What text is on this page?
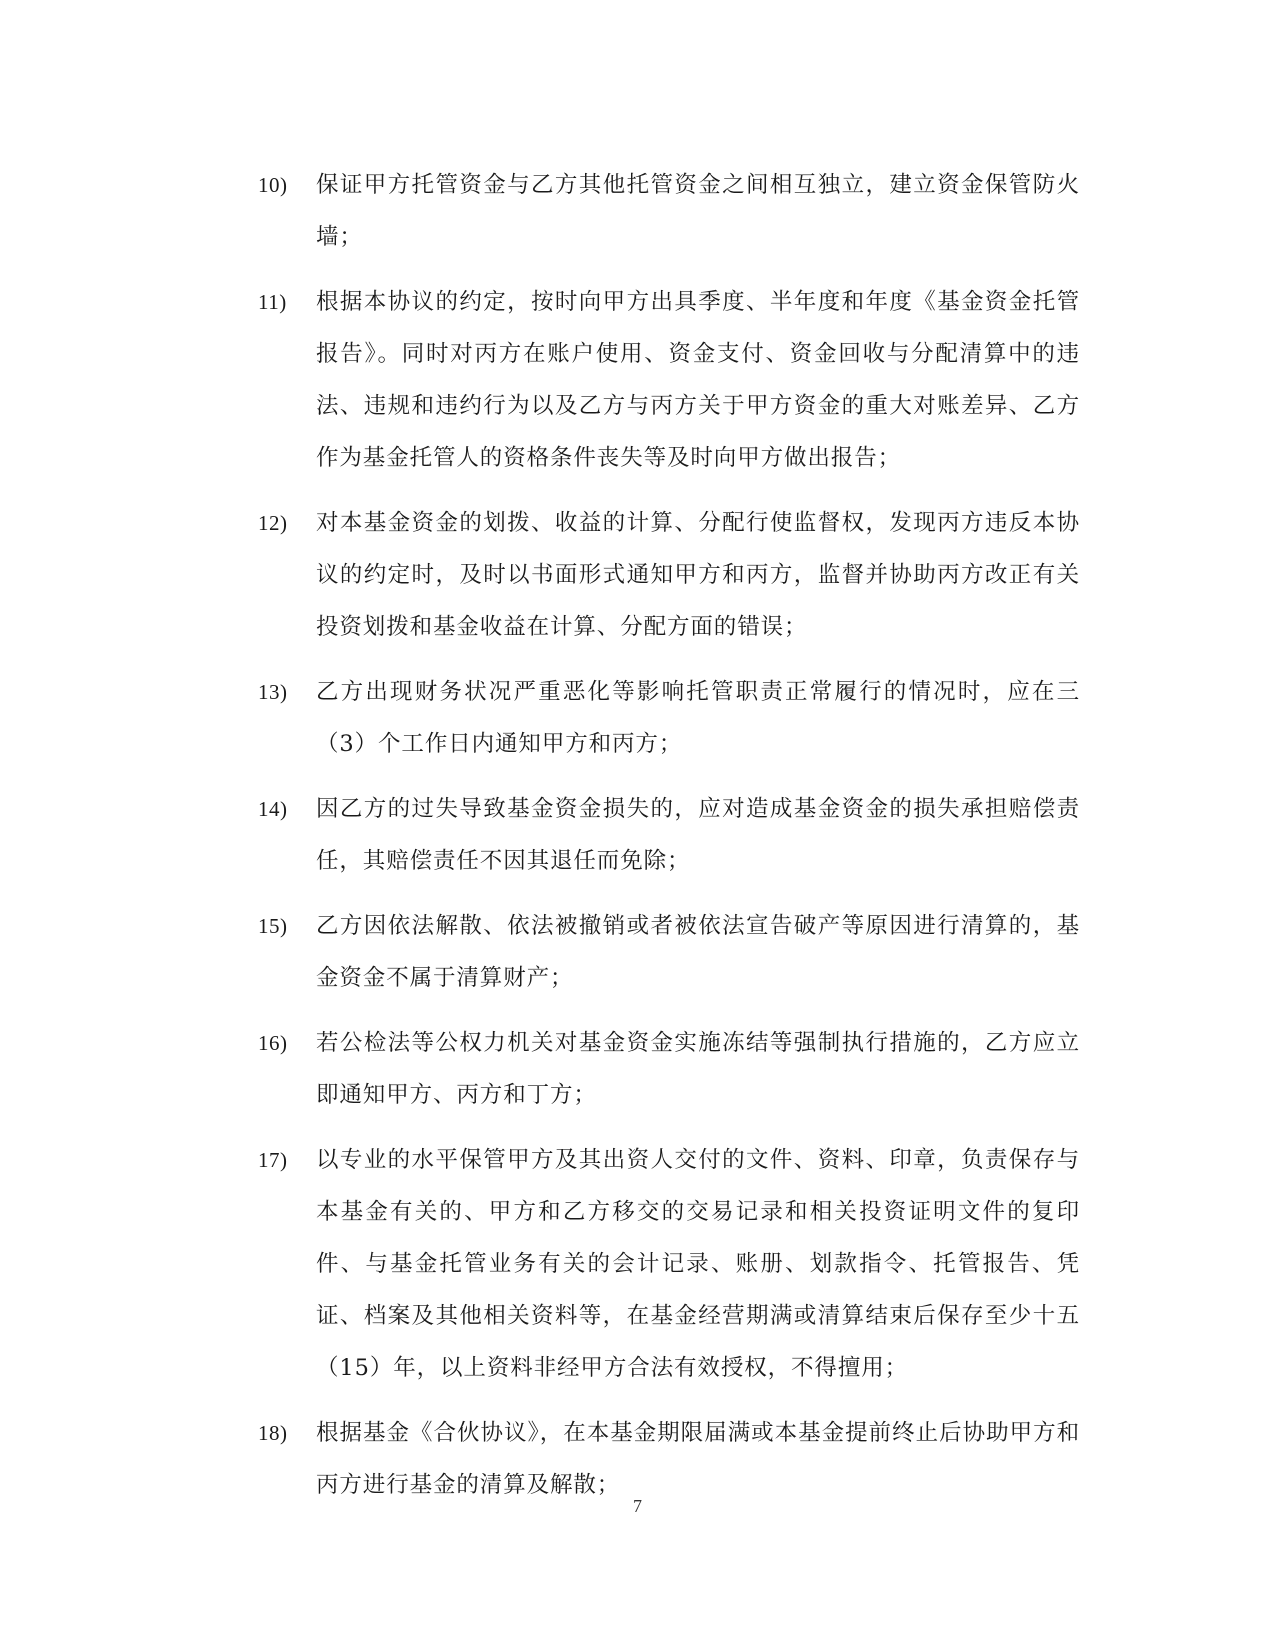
10)	保证甲方托管资金与乙方其他托管资金之间相互独立，建立资金保管防火墙；
11)	根据本协议的约定，按时向甲方出具季度、半年度和年度《基金资金托管报告》。同时对丙方在账户使用、资金支付、资金回收与分配清算中的违法、违规和违约行为以及乙方与丙方关于甲方资金的重大对账差异、乙方作为基金托管人的资格条件丧失等及时向甲方做出报告；
12)	对本基金资金的划拨、收益的计算、分配行使监督权，发现丙方违反本协议的约定时，及时以书面形式通知甲方和丙方，监督并协助丙方改正有关投资划拨和基金收益在计算、分配方面的错误；
13)	乙方出现财务状况严重恶化等影响托管职责正常履行的情况时，应在三（3）个工作日内通知甲方和丙方；
14)	因乙方的过失导致基金资金损失的，应对造成基金资金的损失承担赔偿责任，其赔偿责任不因其退任而免除；
15)	乙方因依法解散、依法被撤销或者被依法宣告破产等原因进行清算的，基金资金不属于清算财产；
16)	若公检法等公权力机关对基金资金实施冻结等强制执行措施的，乙方应立即通知甲方、丙方和丁方；
17)	以专业的水平保管甲方及其出资人交付的文件、资料、印章，负责保存与本基金有关的、甲方和乙方移交的交易记录和相关投资证明文件的复印件、与基金托管业务有关的会计记录、账册、划款指令、托管报告、凭证、档案及其他相关资料等，在基金经营期满或清算结束后保存至少十五（15）年，以上资料非经甲方合法有效授权，不得擅用；
18)	根据基金《合伙协议》，在本基金期限届满或本基金提前终止后协助甲方和丙方进行基金的清算及解散；
7
